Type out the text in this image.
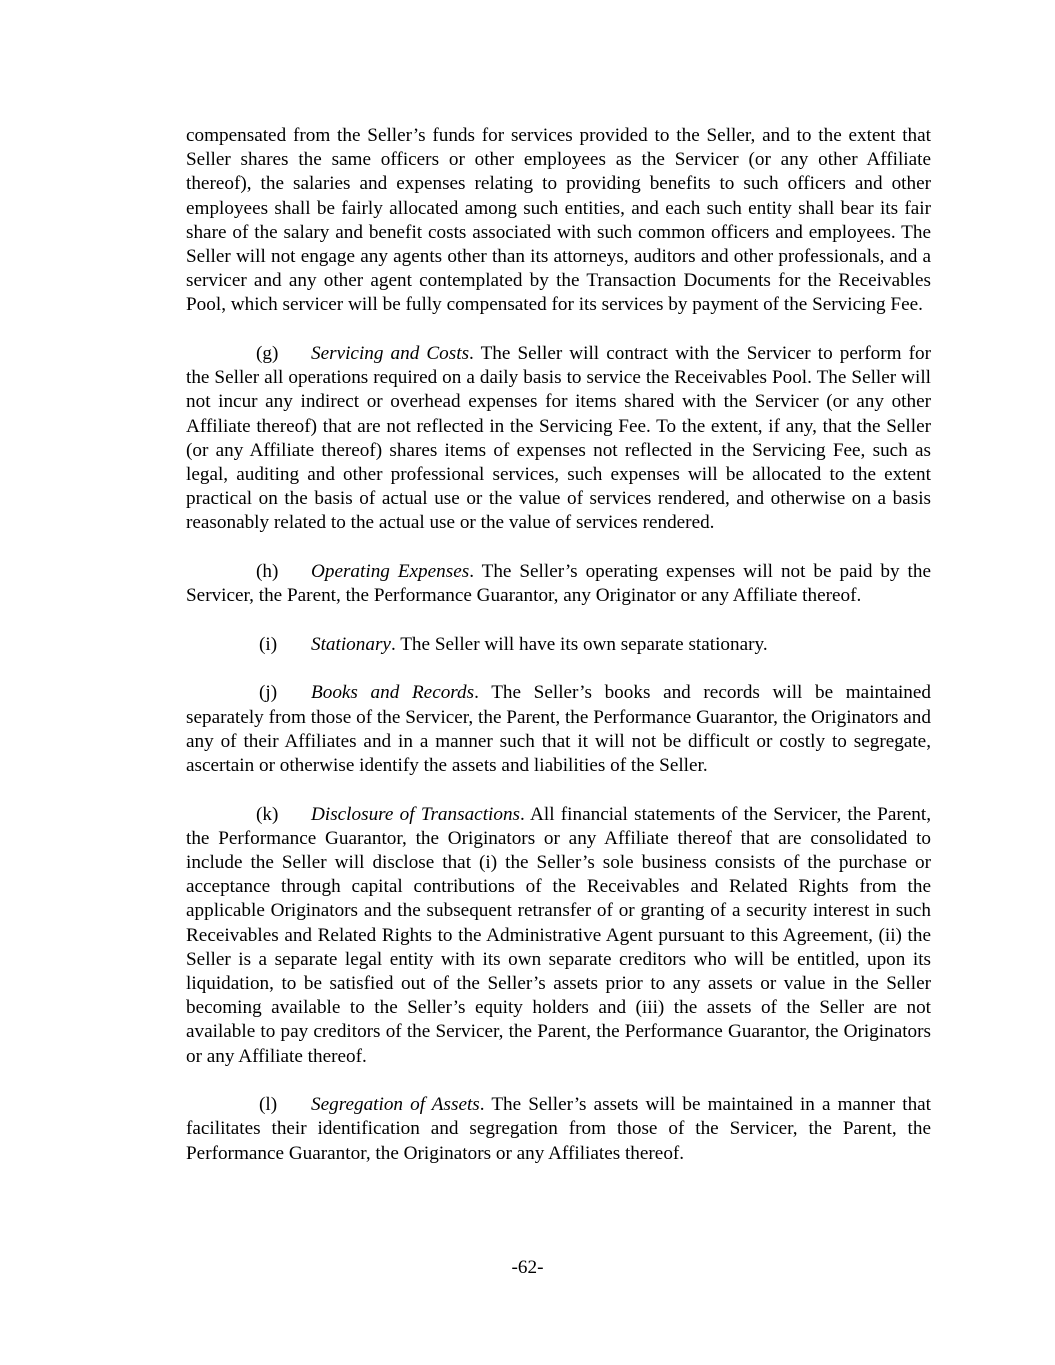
compensated from the Seller’s funds for services provided to the Seller, and to the extent that Seller shares the same officers or other employees as the Servicer (or any other Affiliate thereof), the salaries and expenses relating to providing benefits to such officers and other employees shall be fairly allocated among such entities, and each such entity shall bear its fair share of the salary and benefit costs associated with such common officers and employees. The Seller will not engage any agents other than its attorneys, auditors and other professionals, and a servicer and any other agent contemplated by the Transaction Documents for the Receivables Pool, which servicer will be fully compensated for its services by payment of the Servicing Fee.

(g) Servicing and Costs. The Seller will contract with the Servicer to perform for the Seller all operations required on a daily basis to service the Receivables Pool. The Seller will not incur any indirect or overhead expenses for items shared with the Servicer (or any other Affiliate thereof) that are not reflected in the Servicing Fee. To the extent, if any, that the Seller (or any Affiliate thereof) shares items of expenses not reflected in the Servicing Fee, such as legal, auditing and other professional services, such expenses will be allocated to the extent practical on the basis of actual use or the value of services rendered, and otherwise on a basis reasonably related to the actual use or the value of services rendered.

(h) Operating Expenses. The Seller’s operating expenses will not be paid by the Servicer, the Parent, the Performance Guarantor, any Originator or any Affiliate thereof.

(i) Stationary. The Seller will have its own separate stationary.

(j) Books and Records. The Seller’s books and records will be maintained separately from those of the Servicer, the Parent, the Performance Guarantor, the Originators and any of their Affiliates and in a manner such that it will not be difficult or costly to segregate, ascertain or otherwise identify the assets and liabilities of the Seller.

(k) Disclosure of Transactions. All financial statements of the Servicer, the Parent, the Performance Guarantor, the Originators or any Affiliate thereof that are consolidated to include the Seller will disclose that (i) the Seller’s sole business consists of the purchase or acceptance through capital contributions of the Receivables and Related Rights from the applicable Originators and the subsequent retransfer of or granting of a security interest in such Receivables and Related Rights to the Administrative Agent pursuant to this Agreement, (ii) the Seller is a separate legal entity with its own separate creditors who will be entitled, upon its liquidation, to be satisfied out of the Seller’s assets prior to any assets or value in the Seller becoming available to the Seller’s equity holders and (iii) the assets of the Seller are not available to pay creditors of the Servicer, the Parent, the Performance Guarantor, the Originators or any Affiliate thereof.

(l) Segregation of Assets. The Seller’s assets will be maintained in a manner that facilitates their identification and segregation from those of the Servicer, the Parent, the Performance Guarantor, the Originators or any Affiliates thereof.

-62-
